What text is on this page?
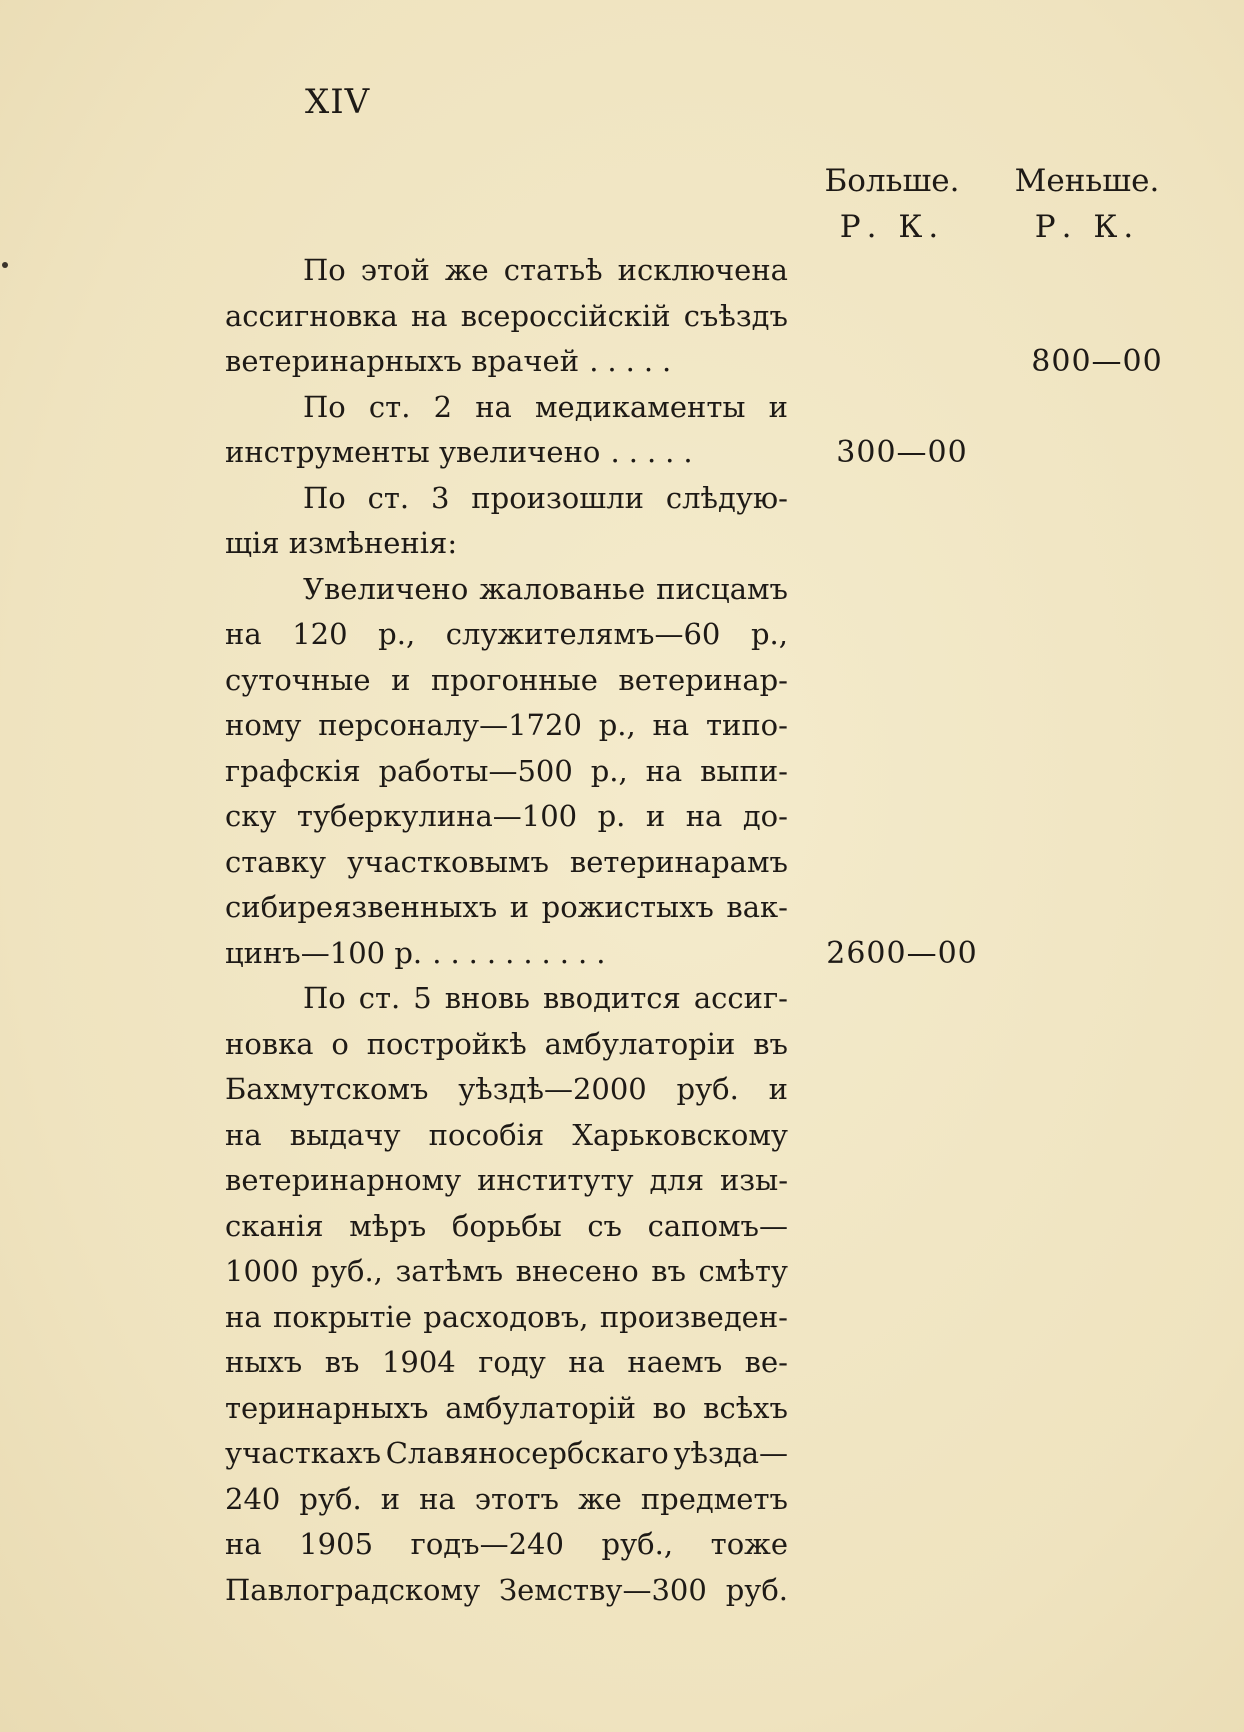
XIV
Больше.
Р. К.
Меньше.
Р. К.
По этой же статьѣ исключена
ассигновка на всероссійскій съѣздъ
ветеринарныхъ врачей .....
По ст. 2 на медикаменты и
инструменты увеличено .....
По ст. 3 произошли слѣдую-
щія измѣненія:
Увеличено жалованье писцамъ
на 120 р., служителямъ—60 р.,
суточные и прогонные ветеринар-
ному персоналу—1720 р., на типо-
графскія работы—500 р., на выпи-
ску туберкулина—100 р. и на до-
ставку участковымъ ветеринарамъ
сибиреязвенныхъ и рожистыхъ вак-
цинъ—100 р. ..........
По ст. 5 вновь вводится ассиг-
новка о постройкѣ амбулаторіи въ
Бахмутскомъ уѣздѣ—2000 руб. и
на выдачу пособія Харьковскому
ветеринарному институту для изы-
сканія мѣръ борьбы съ сапомъ—
1000 руб., затѣмъ внесено въ смѣту
на покрытіе расходовъ, произведен-
ныхъ въ 1904 году на наемъ ве-
теринарныхъ амбулаторій во всѣхъ
участкахъ Славяносербскаго уѣзда—
240 руб. и на этотъ же предметъ
на 1905 годъ—240 руб., тоже
Павлоградскому Земству—300 руб.
800—00
300—00
2600—00
